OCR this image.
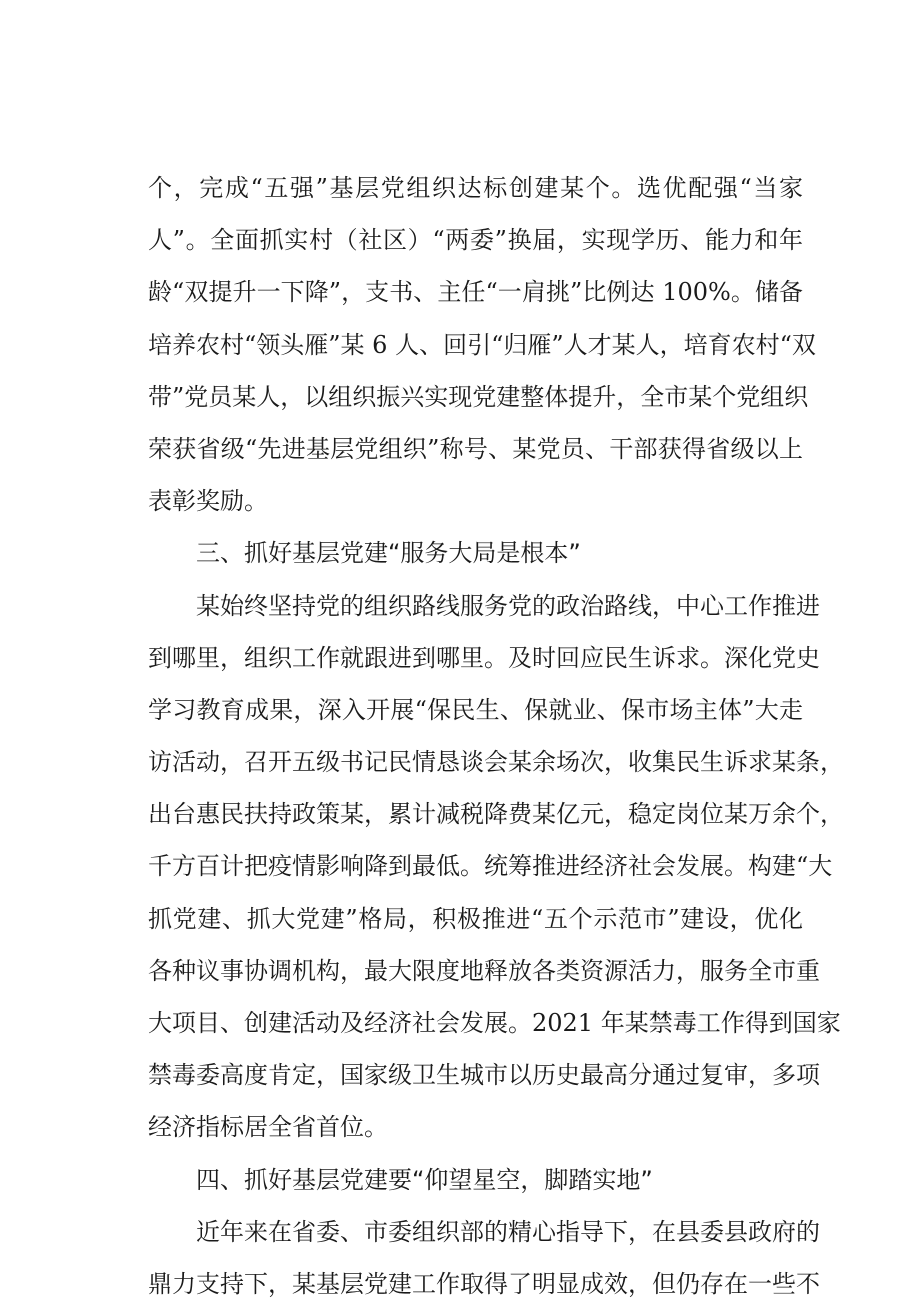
个，完成“五强”基层党组织达标创建某个。选优配强“当家
人”。全面抓实村（社区）“两委”换届，实现学历、能力和年
龄“双提升一下降”，支书、主任“一肩挑”比例达 100%。储备
培养农村“领头雁”某 6 人、回引“归雁”人才某人，培育农村“双
带”党员某人，以组织振兴实现党建整体提升，全市某个党组织
荣获省级“先进基层党组织”称号、某党员、干部获得省级以上
表彰奖励。
三、抓好基层党建“服务大局是根本”
某始终坚持党的组织路线服务党的政治路线，中心工作推进
到哪里，组织工作就跟进到哪里。及时回应民生诉求。深化党史
学习教育成果，深入开展“保民生、保就业、保市场主体”大走
访活动，召开五级书记民情恳谈会某余场次，收集民生诉求某条，
出台惠民扶持政策某，累计减税降费某亿元，稳定岗位某万余个，
千方百计把疫情影响降到最低。统筹推进经济社会发展。构建“大
抓党建、抓大党建”格局，积极推进“五个示范市”建设，优化
各种议事协调机构，最大限度地释放各类资源活力，服务全市重
大项目、创建活动及经济社会发展。2021 年某禁毒工作得到国家
禁毒委高度肯定，国家级卫生城市以历史最高分通过复审，多项
经济指标居全省首位。
四、抓好基层党建要“仰望星空，脚踏实地”
近年来在省委、市委组织部的精心指导下，在县委县政府的
鼎力支持下，某基层党建工作取得了明显成效，但仍存在一些不
